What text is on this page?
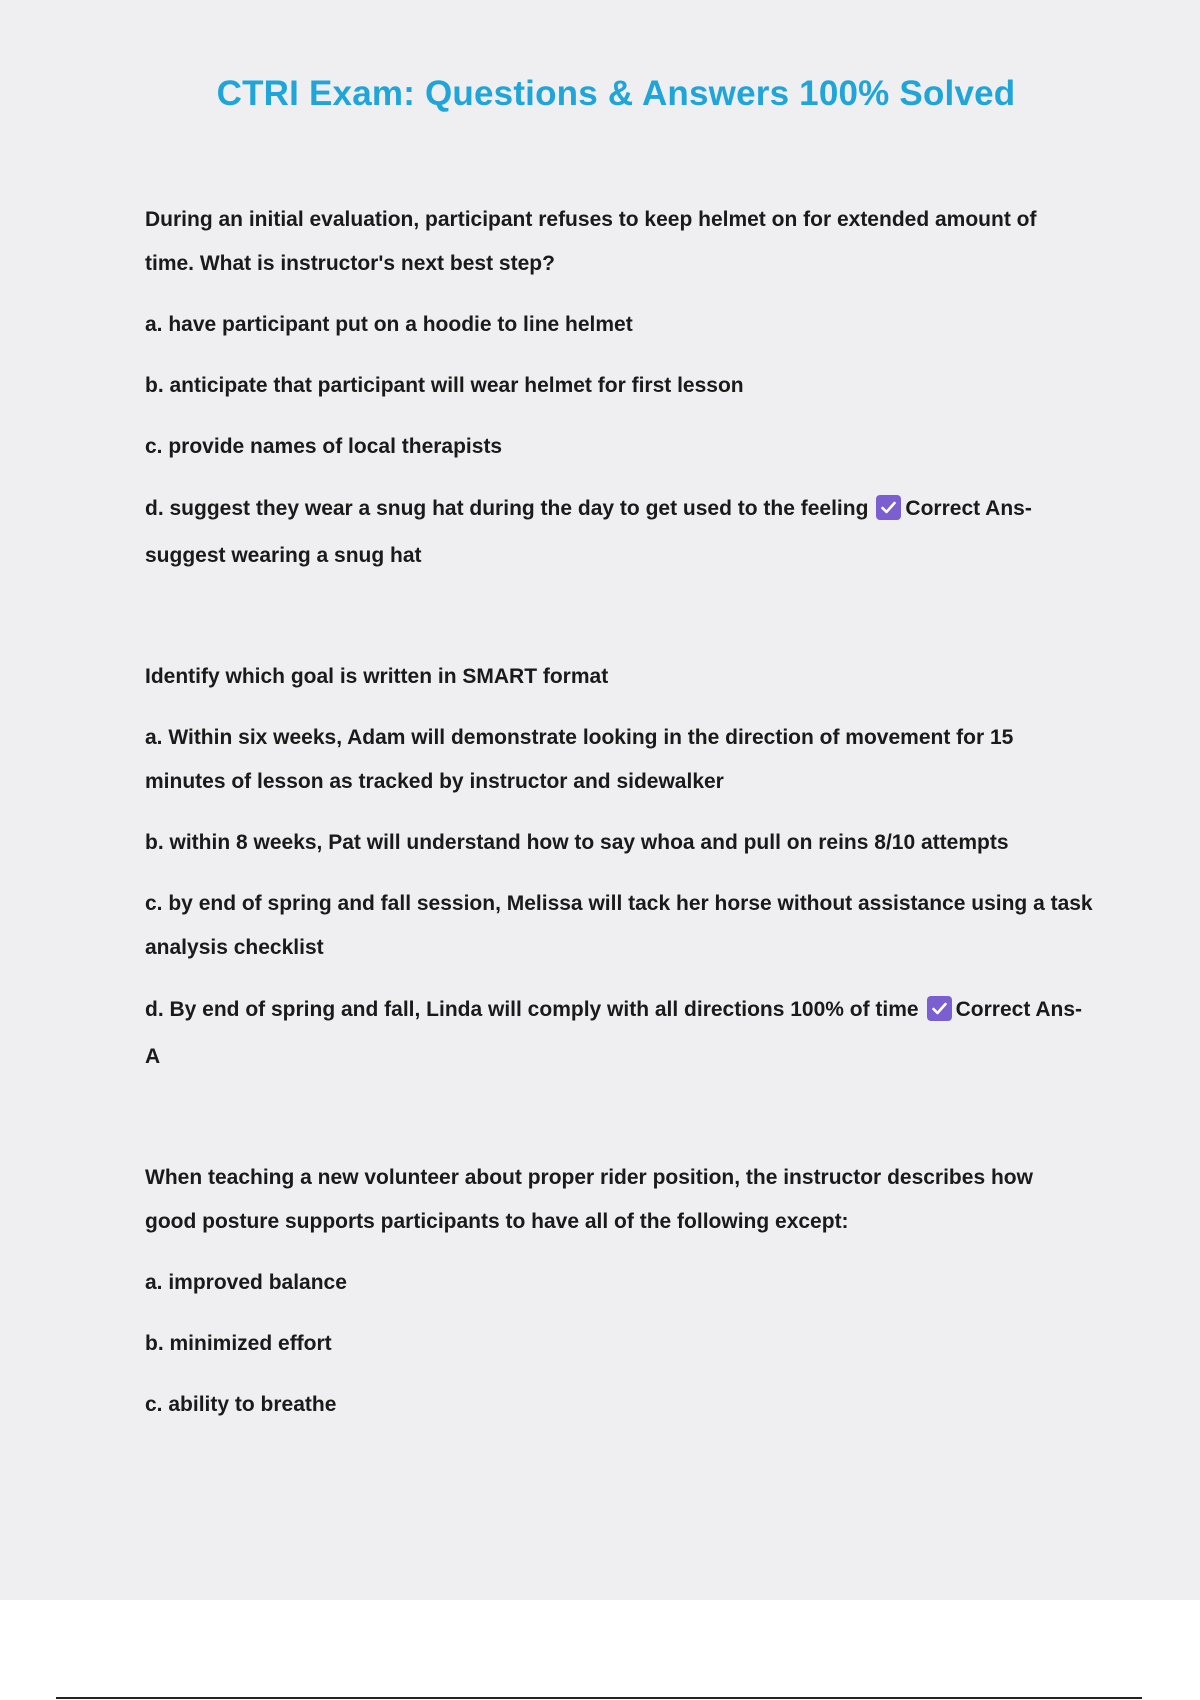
CTRI Exam: Questions & Answers 100% Solved
During an initial evaluation, participant refuses to keep helmet on for extended amount of
time. What is instructor's next best step?
a. have participant put on a hoodie to line helmet
b. anticipate that participant will wear helmet for first lesson
c. provide names of local therapists
d. suggest they wear a snug hat during the day to get used to the feeling Correct Ans-
suggest wearing a snug hat
Identify which goal is written in SMART format
a. Within six weeks, Adam will demonstrate looking in the direction of movement for 15
minutes of lesson as tracked by instructor and sidewalker
b. within 8 weeks, Pat will understand how to say whoa and pull on reins 8/10 attempts
c. by end of spring and fall session, Melissa will tack her horse without assistance using a task
analysis checklist
d. By end of spring and fall, Linda will comply with all directions 100% of time Correct Ans-
A
When teaching a new volunteer about proper rider position, the instructor describes how
good posture supports participants to have all of the following except:
a. improved balance
b. minimized effort
c. ability to breathe
